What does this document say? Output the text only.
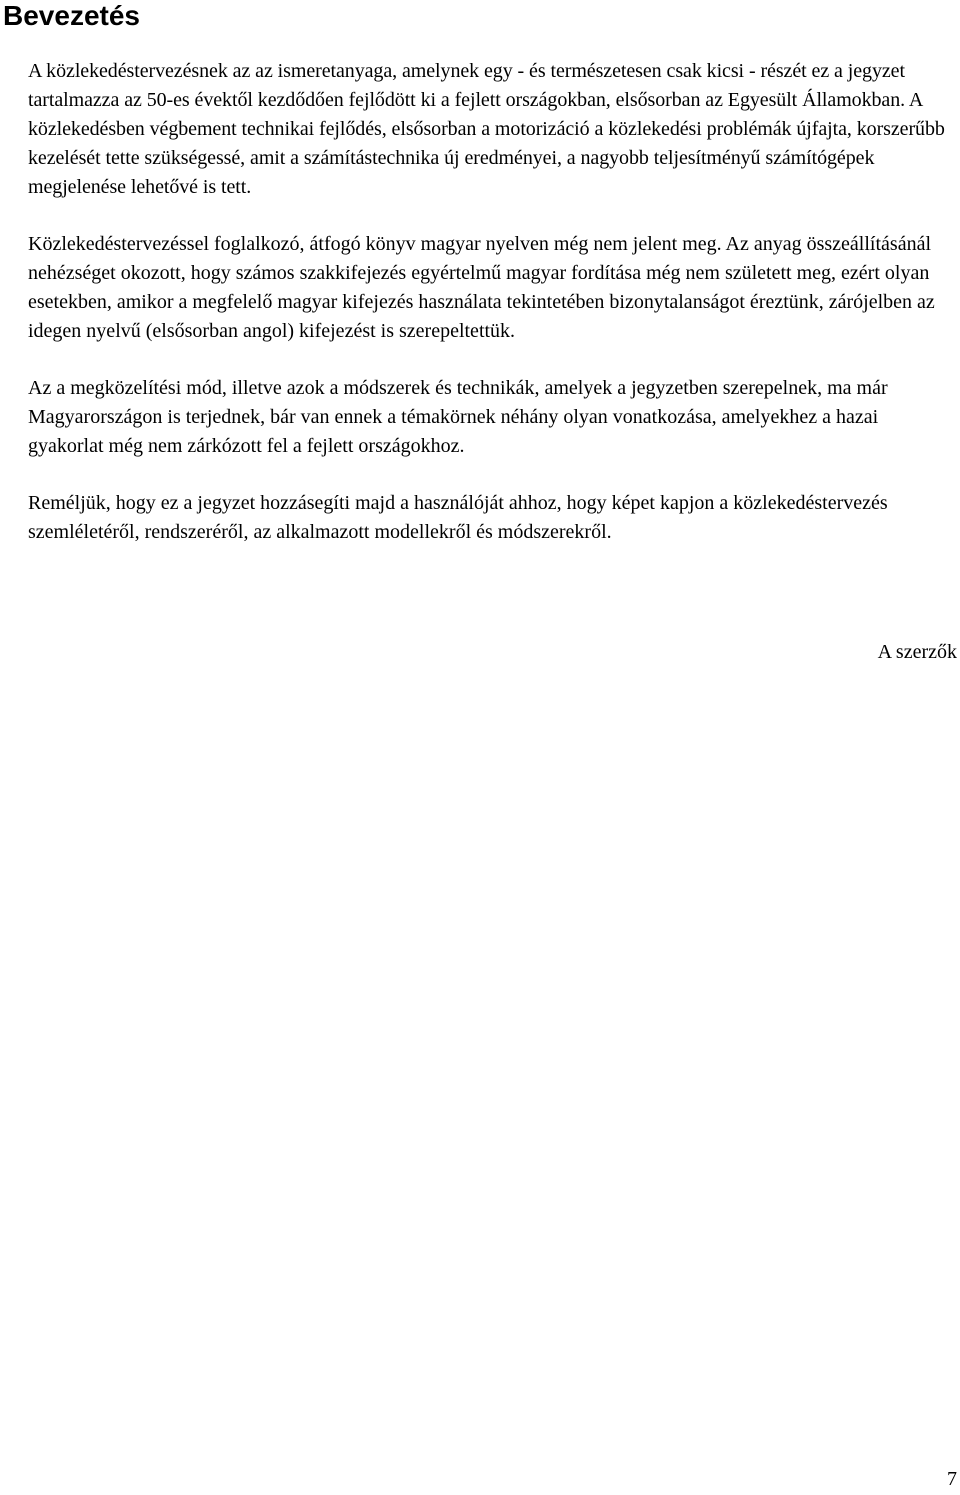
Bevezetés

A közlekedéstervezésnek az az ismeretanyaga, amelynek egy - és természetesen csak kicsi - részét ez a jegyzet tartalmazza az 50-es évektől kezdődően fejlődött ki a fejlett országokban, elsősorban az Egyesült Államokban. A közlekedésben végbement technikai fejlődés, elsősorban a motorizáció a közlekedési problémák újfajta, korszerűbb kezelését tette szükségessé, amit a számítástechnika új eredményei, a nagyobb teljesítményű számítógépek megjelenése lehetővé is tett.

Közlekedéstervezéssel foglalkozó, átfogó könyv magyar nyelven még nem jelent meg. Az anyag összeállításánál nehézséget okozott, hogy számos szakkifejezés egyértelmű magyar fordítása még nem született meg, ezért olyan esetekben, amikor a megfelelő magyar kifejezés használata tekintetében bizonytalanságot éreztünk, zárójelben az idegen nyelvű (elsősorban angol) kifejezést is szerepeltettük.

Az a megközelítési mód, illetve azok a módszerek és technikák, amelyek a jegyzetben szerepelnek, ma már Magyarországon is terjednek, bár van ennek a témakörnek néhány olyan vonatkozása, amelyekhez a hazai gyakorlat még nem zárkózott fel a fejlett országokhoz.

Reméljük, hogy ez a jegyzet hozzásegíti majd a használóját ahhoz, hogy képet kapjon a közlekedéstervezés szemléletéről, rendszeréről, az alkalmazott modellekről és módszerekről.

A szerzők
7
